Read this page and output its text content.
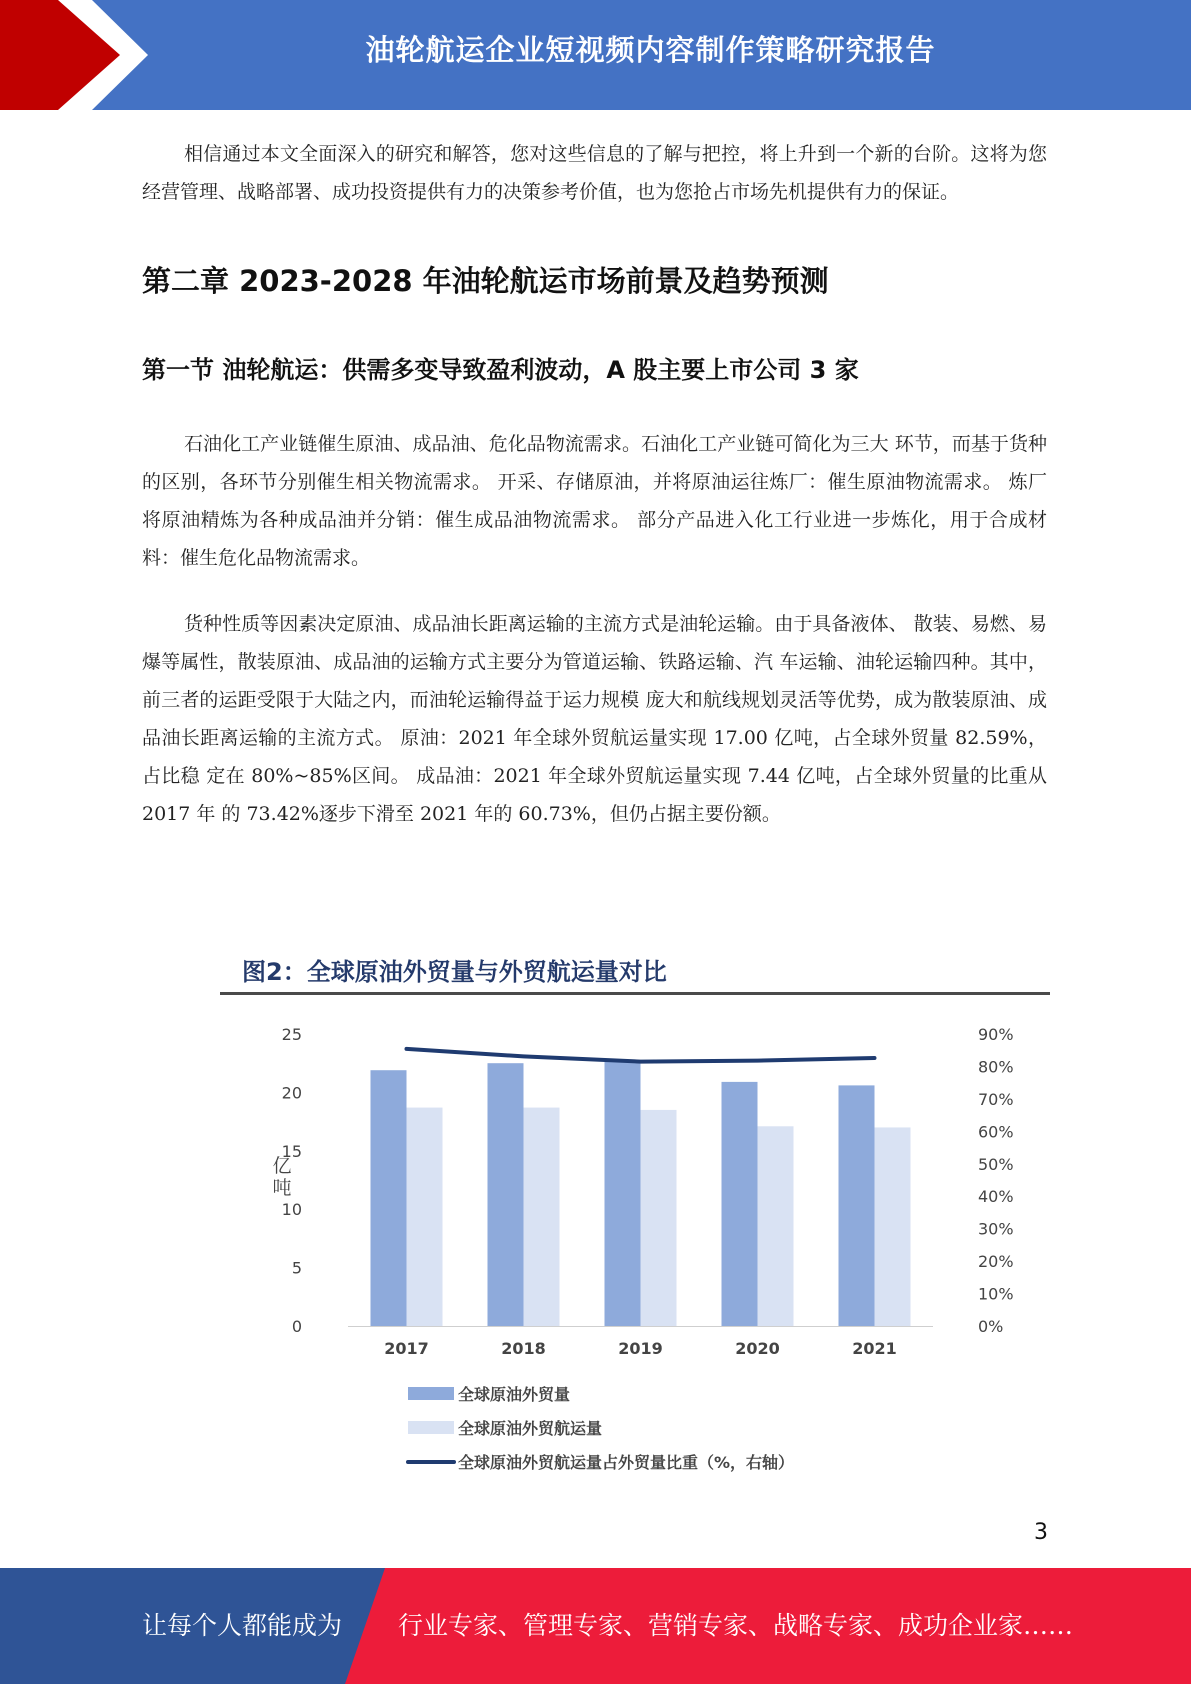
油轮航运企业短视频内容制作策略研究报告

相信通过本文全面深入的研究和解答，您对这些信息的了解与把控，将上升到一个新的台阶。这将为您经营管理、战略部署、成功投资提供有力的决策参考价值，也为您抢占市场先机提供有力的保证。

第二章 2023-2028 年油轮航运市场前景及趋势预测
第一节 油轮航运：供需多变导致盈利波动，A 股主要上市公司 3 家

石油化工产业链催生原油、成品油、危化品物流需求。石油化工产业链可简化为三大 环节，而基于货种的区别，各环节分别催生相关物流需求。 开采、存储原油，并将原油运往炼厂：催生原油物流需求。 炼厂将原油精炼为各种成品油并分销：催生成品油物流需求。 部分产品进入化工行业进一步炼化，用于合成材料：催生危化品物流需求。

货种性质等因素决定原油、成品油长距离运输的主流方式是油轮运输。由于具备液体、 散装、易燃、易爆等属性，散装原油、成品油的运输方式主要分为管道运输、铁路运输、汽 车运输、油轮运输四种。其中，前三者的运距受限于大陆之内，而油轮运输得益于运力规模 庞大和航线规划灵活等优势，成为散装原油、成品油长距离运输的主流方式。 原油：2021 年全球外贸航运量实现 17.00 亿吨，占全球外贸量 82.59%，占比稳 定在 80%~85%区间。 成品油：2021 年全球外贸航运量实现 7.44 亿吨，占全球外贸量的比重从 2017 年 的 73.42%逐步下滑至 2021 年的 60.73%，但仍占据主要份额。

图2：全球原油外贸量与外贸航运量对比
0
5
10
15
20
25
0%
10%
20%
30%
40%
50%
60%
70%
80%
90%
亿
吨
2017	2018	2019	2020	2021
全球原油外贸量
全球原油外贸航运量
全球原油外贸航运量占外贸量比重（%，右轴）
3
让每个人都能成为 行业专家、管理专家、营销专家、战略专家、成功企业家……
